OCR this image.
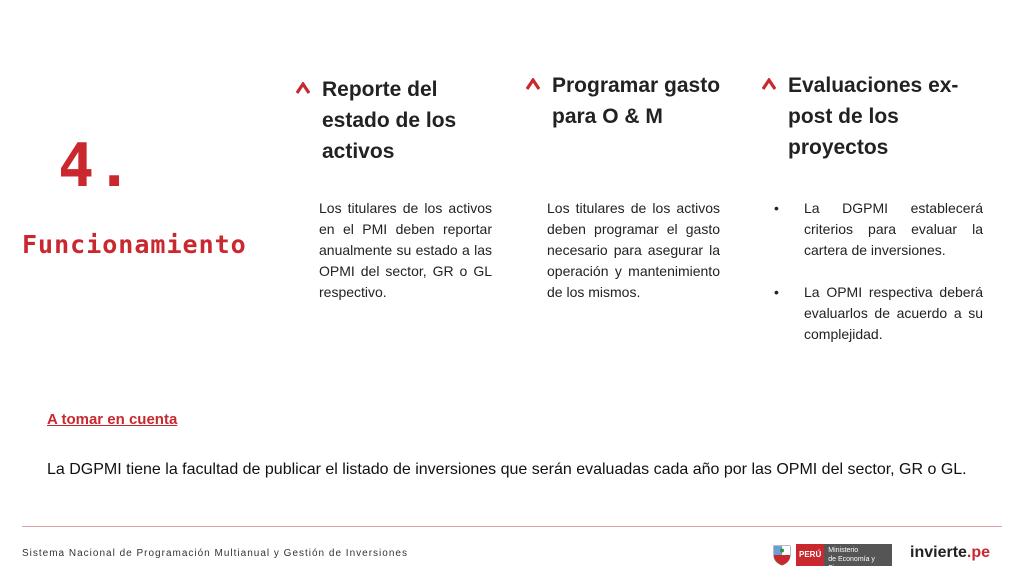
4.
Funcionamiento
Reporte del estado de los activos

Los titulares de los activos en el PMI deben reportar anualmente su estado a las OPMI del sector, GR o GL respectivo.

Programar gasto para O & M

Los titulares de los activos deben programar el gasto necesario para asegurar la operación y mantenimiento de los mismos.

Evaluaciones ex-post de los proyectos
• La DGPMI establecerá criterios para evaluar la cartera de inversiones.
• La OPMI respectiva deberá evaluarlos de acuerdo a su complejidad.

A tomar en cuenta

La DGPMI tiene la facultad de publicar el listado de inversiones que serán evaluadas cada año por las OPMI del sector, GR o GL.

Sistema Nacional de Programación Multianual y Gestión de Inversiones	PERÚ	Ministerio
de Economía y Finanzas

invierte.pe
